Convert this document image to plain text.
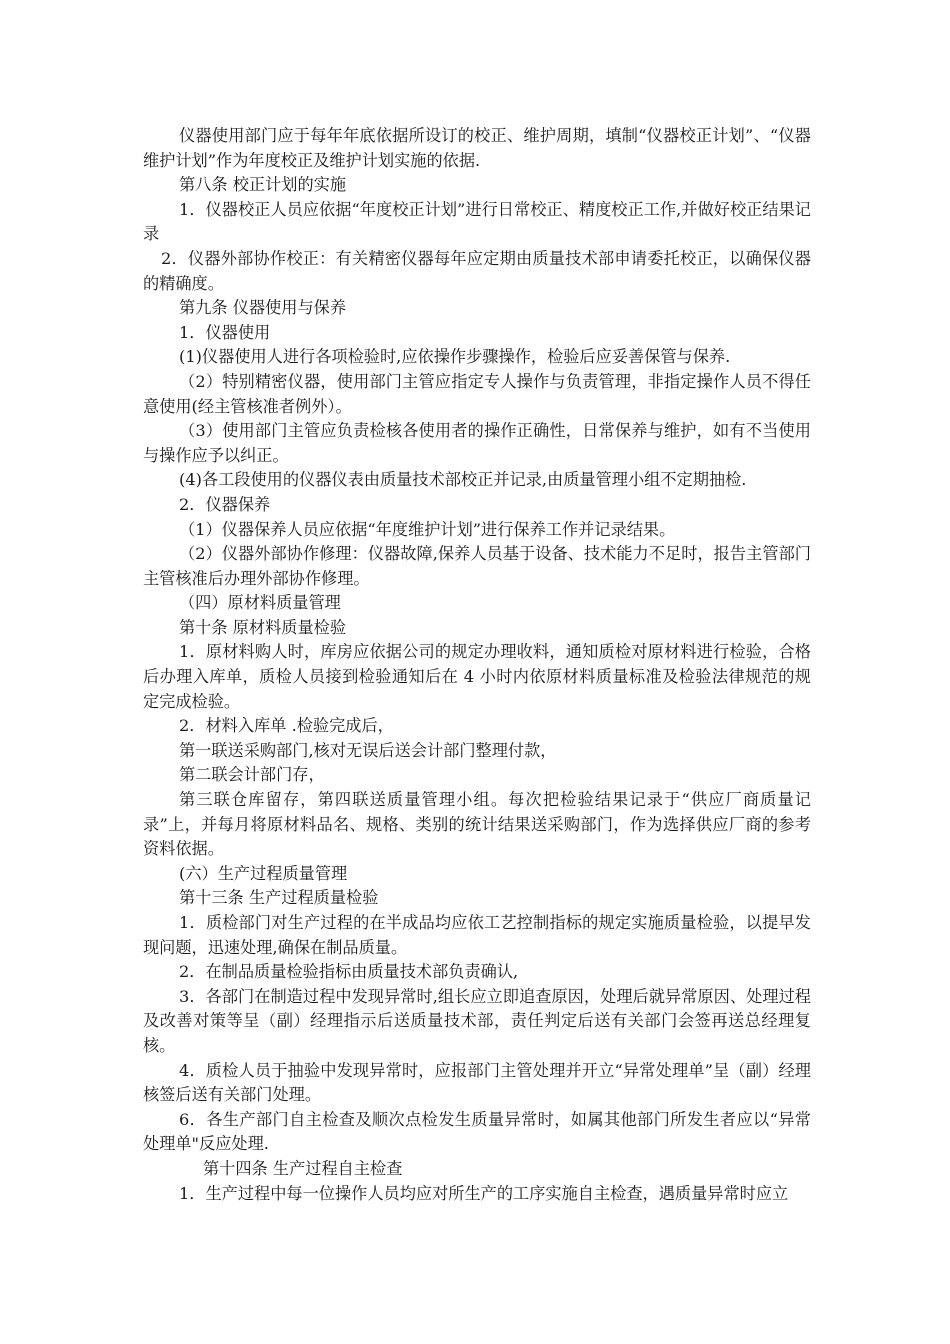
仪器使用部门应于每年年底依据所设订的校正、维护周期，填制“仪器校正计划”、“仪器维护计划”作为年度校正及维护计划实施的依据.

第八条 校正计划的实施

1．仪器校正人员应依据“年度校正计划”进行日常校正、精度校正工作,并做好校正结果记录

2．仪器外部协作校正：有关精密仪器每年应定期由质量技术部申请委托校正，以确保仪器的精确度。

第九条 仪器使用与保养

1．仪器使用

(1)仪器使用人进行各项检验时,应依操作步骤操作，检验后应妥善保管与保养.

（2）特别精密仪器，使用部门主管应指定专人操作与负责管理，非指定操作人员不得任意使用(经主管核准者例外）。

（3）使用部门主管应负责检核各使用者的操作正确性，日常保养与维护，如有不当使用与操作应予以纠正。

(4)各工段使用的仪器仪表由质量技术部校正并记录,由质量管理小组不定期抽检.

2．仪器保养

（1）仪器保养人员应依据“年度维护计划”进行保养工作并记录结果。

（2）仪器外部协作修理：仪器故障,保养人员基于设备、技术能力不足时，报告主管部门主管核准后办理外部协作修理。

（四）原材料质量管理

第十条 原材料质量检验

1．原材料购人时，库房应依据公司的规定办理收料，通知质检对原材料进行检验，合格后办理入库单，质检人员接到检验通知后在 4 小时内依原材料质量标准及检验法律规范的规定完成检验。

2．材料入库单 .检验完成后，

第一联送采购部门,核对无误后送会计部门整理付款，

第二联会计部门存，

第三联仓库留存，第四联送质量管理小组。每次把检验结果记录于“供应厂商质量记录”上，并每月将原材料品名、规格、类别的统计结果送采购部门，作为选择供应厂商的参考资料依据。

(六）生产过程质量管理

第十三条 生产过程质量检验

1．质检部门对生产过程的在半成品均应依工艺控制指标的规定实施质量检验，以提早发现问题，迅速处理,确保在制品质量。

2．在制品质量检验指标由质量技术部负责确认,

3．各部门在制造过程中发现异常时,组长应立即追查原因，处理后就异常原因、处理过程及改善对策等呈（副）经理指示后送质量技术部，责任判定后送有关部门会签再送总经理复核。

4．质检人员于抽验中发现异常时，应报部门主管处理并开立“异常处理单”呈（副）经理核签后送有关部门处理。

6．各生产部门自主检查及顺次点检发生质量异常时，如属其他部门所发生者应以“异常处理单"反应处理.

第十四条 生产过程自主检查

1．生产过程中每一位操作人员均应对所生产的工序实施自主检查，遇质量异常时应立
